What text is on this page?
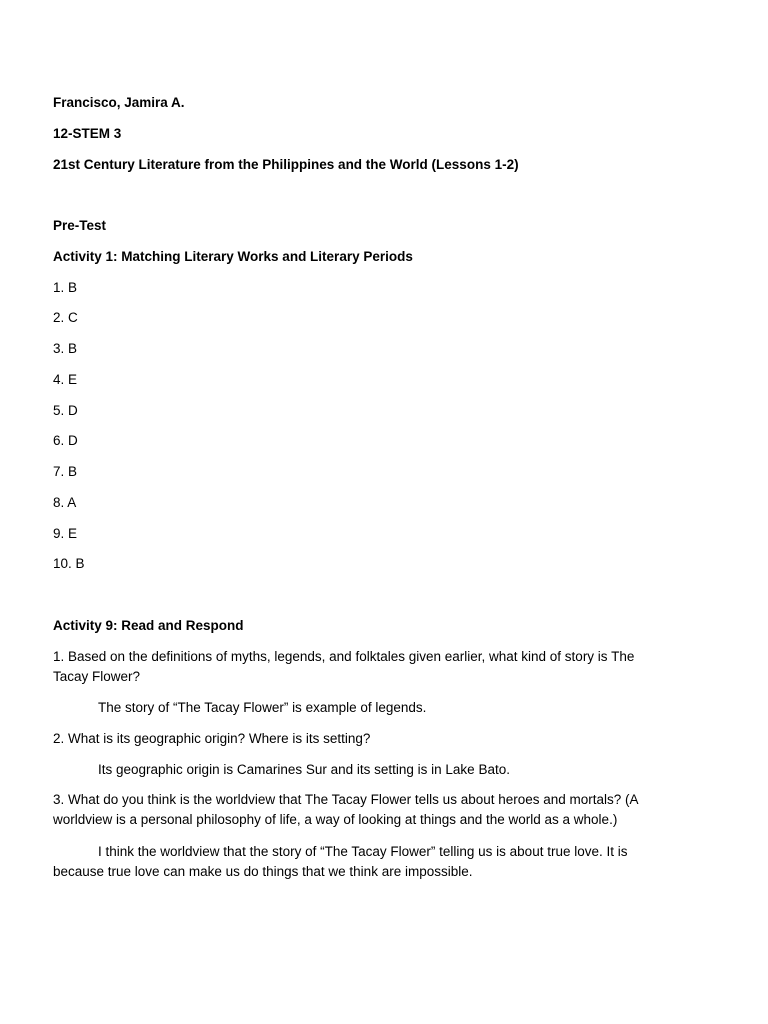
Francisco, Jamira A.
12-STEM 3
21st Century Literature from the Philippines and the World (Lessons 1-2)
Pre-Test
Activity 1: Matching Literary Works and Literary Periods
1. B
2. C
3. B
4. E
5. D
6. D
7. B
8. A
9. E
10. B
Activity 9: Read and Respond
1. Based on the definitions of myths, legends, and folktales given earlier, what kind of story is The Tacay Flower?
The story of “The Tacay Flower” is example of legends.
2. What is its geographic origin? Where is its setting?
Its geographic origin is Camarines Sur and its setting is in Lake Bato.
3. What do you think is the worldview that The Tacay Flower tells us about heroes and mortals? (A worldview is a personal philosophy of life, a way of looking at things and the world as a whole.)
I think the worldview that the story of “The Tacay Flower” telling us is about true love. It is because true love can make us do things that we think are impossible.
